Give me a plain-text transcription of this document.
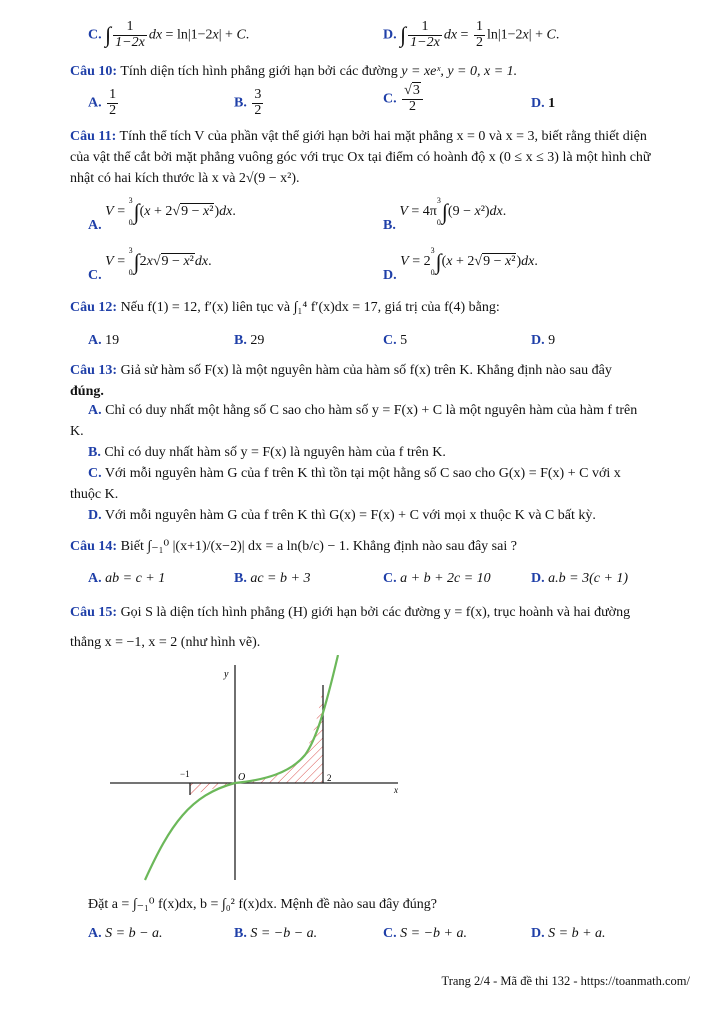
C. ∫ $\frac{1}{1-2x}$ dx = ln|1−2x| + C.	D. ∫ $\frac{1}{1-2x}$ dx = $\frac{1}{2} \ln|1-2x| + C$.
Câu 10: Tính diện tích hình phẳng giới hạn bởi các đường y = xeˣ, y = 0, x = 1.
A. $\frac{1}{2}$	B. $\frac{3}{2}$	C. $\frac{√3}{2}$	D. 1
Câu 11: Tính thể tích V của phần vật thể giới hạn bởi hai mặt phẳng x = 0 và x = 3, biết rằng thiết diện
của vật thể cắt bởi mặt phẳng vuông góc với trục Ox tại điểm có hoành độ x (0 ≤ x ≤ 3) là một hình chữ
nhật có hai kích thước là x và 2√(9 − x²).
A. V =
3
0∫(x + 2√9 − x²)dx.
B. V = 4π
3
0∫(9 − x²)dx.
C. V =
3
0∫2x√9 − x²dx.
D. V = 2
3
0∫(x + 2√9 − x²)dx.
Câu 12: Nếu f(1) = 12, f′(x) liên tục và ∫₁⁴ f′(x)dx = 17, giá trị của f(4) bằng:
A. 19	B. 29	C. 5	D. 9
Câu 13: Giả sử hàm số F(x) là một nguyên hàm của hàm số f(x) trên K. Khẳng định nào sau đây
đúng.
A. Chỉ có duy nhất một hằng số C sao cho hàm số y = F(x) + C là một nguyên hàm của hàm f trên
K.
B. Chỉ có duy nhất hàm số y = F(x) là nguyên hàm của f trên K.
C. Với mỗi nguyên hàm G của f trên K thì tồn tại một hằng số C sao cho G(x) = F(x) + C với x
thuộc K.
D. Với mỗi nguyên hàm G của f trên K thì G(x) = F(x) + C với mọi x thuộc K và C bất kỳ.
Câu 14: Biết ∫₋₁⁰ |(x+1)/(x−2)| dx = a ln(b/c) − 1. Khẳng định nào sau đây sai ?
A. ab = c + 1	B. ac = b + 3	C. a + b + 2c = 10	D. a.b = 3(c + 1)
Câu 15: Gọi S là diện tích hình phẳng (H) giới hạn bởi các đường y = f(x), trục hoành và hai đường
thẳng x = −1, x = 2 (như hình vẽ).
y
x
O
−1	2
Đặt a = ∫₋₁⁰ f(x)dx, b = ∫₀² f(x)dx. Mệnh đề nào sau đây đúng?
A. S = b − a.	B. S = −b − a.	C. S = −b + a.	D. S = b + a.
Trang 2/4 - Mã đề thi 132 - https://toanmath.com/
